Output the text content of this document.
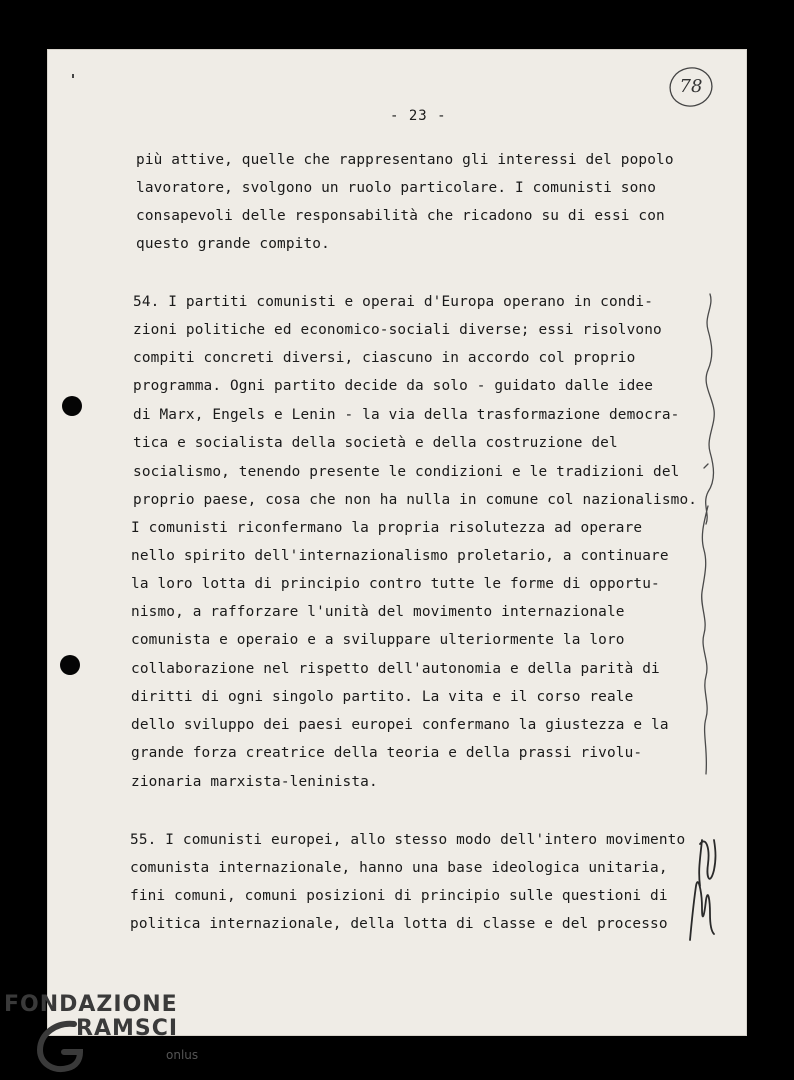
78
- 23 -
più attive, quelle che rappresentano gli interessi del popolo
lavoratore, svolgono un ruolo particolare. I comunisti sono
consapevoli delle responsabilità che ricadono su di essi con
questo grande compito.
54. I partiti comunisti e operai d'Europa operano in condi-
zioni politiche ed economico-sociali diverse; essi risolvono
compiti concreti diversi, ciascuno in accordo col proprio
programma. Ogni partito decide da solo - guidato dalle idee
di Marx, Engels e Lenin - la via della trasformazione democra-
tica e socialista della società e della costruzione del
socialismo, tenendo presente le condizioni e le tradizioni del
proprio paese, cosa che non ha nulla in comune col nazionalismo.
I comunisti riconfermano la propria risolutezza ad operare
nello spirito dell'internazionalismo proletario, a continuare
la loro lotta di principio contro tutte le forme di opportu-
nismo, a rafforzare l'unità del movimento internazionale
comunista e operaio e a sviluppare ulteriormente la loro
collaborazione nel rispetto dell'autonomia e della parità di
diritti di ogni singolo partito. La vita e il corso reale
dello sviluppo dei paesi europei confermano la giustezza e la
grande forza creatrice della teoria e della prassi rivolu-
zionaria marxista-leninista.
55. I comunisti europei, allo stesso modo dell'intero movimento
comunista internazionale, hanno una base ideologica unitaria,
fini comuni, comuni posizioni di principio sulle questioni di
politica internazionale, della lotta di classe e del processo
FONDAZIONE
RAMSCI
onlus
